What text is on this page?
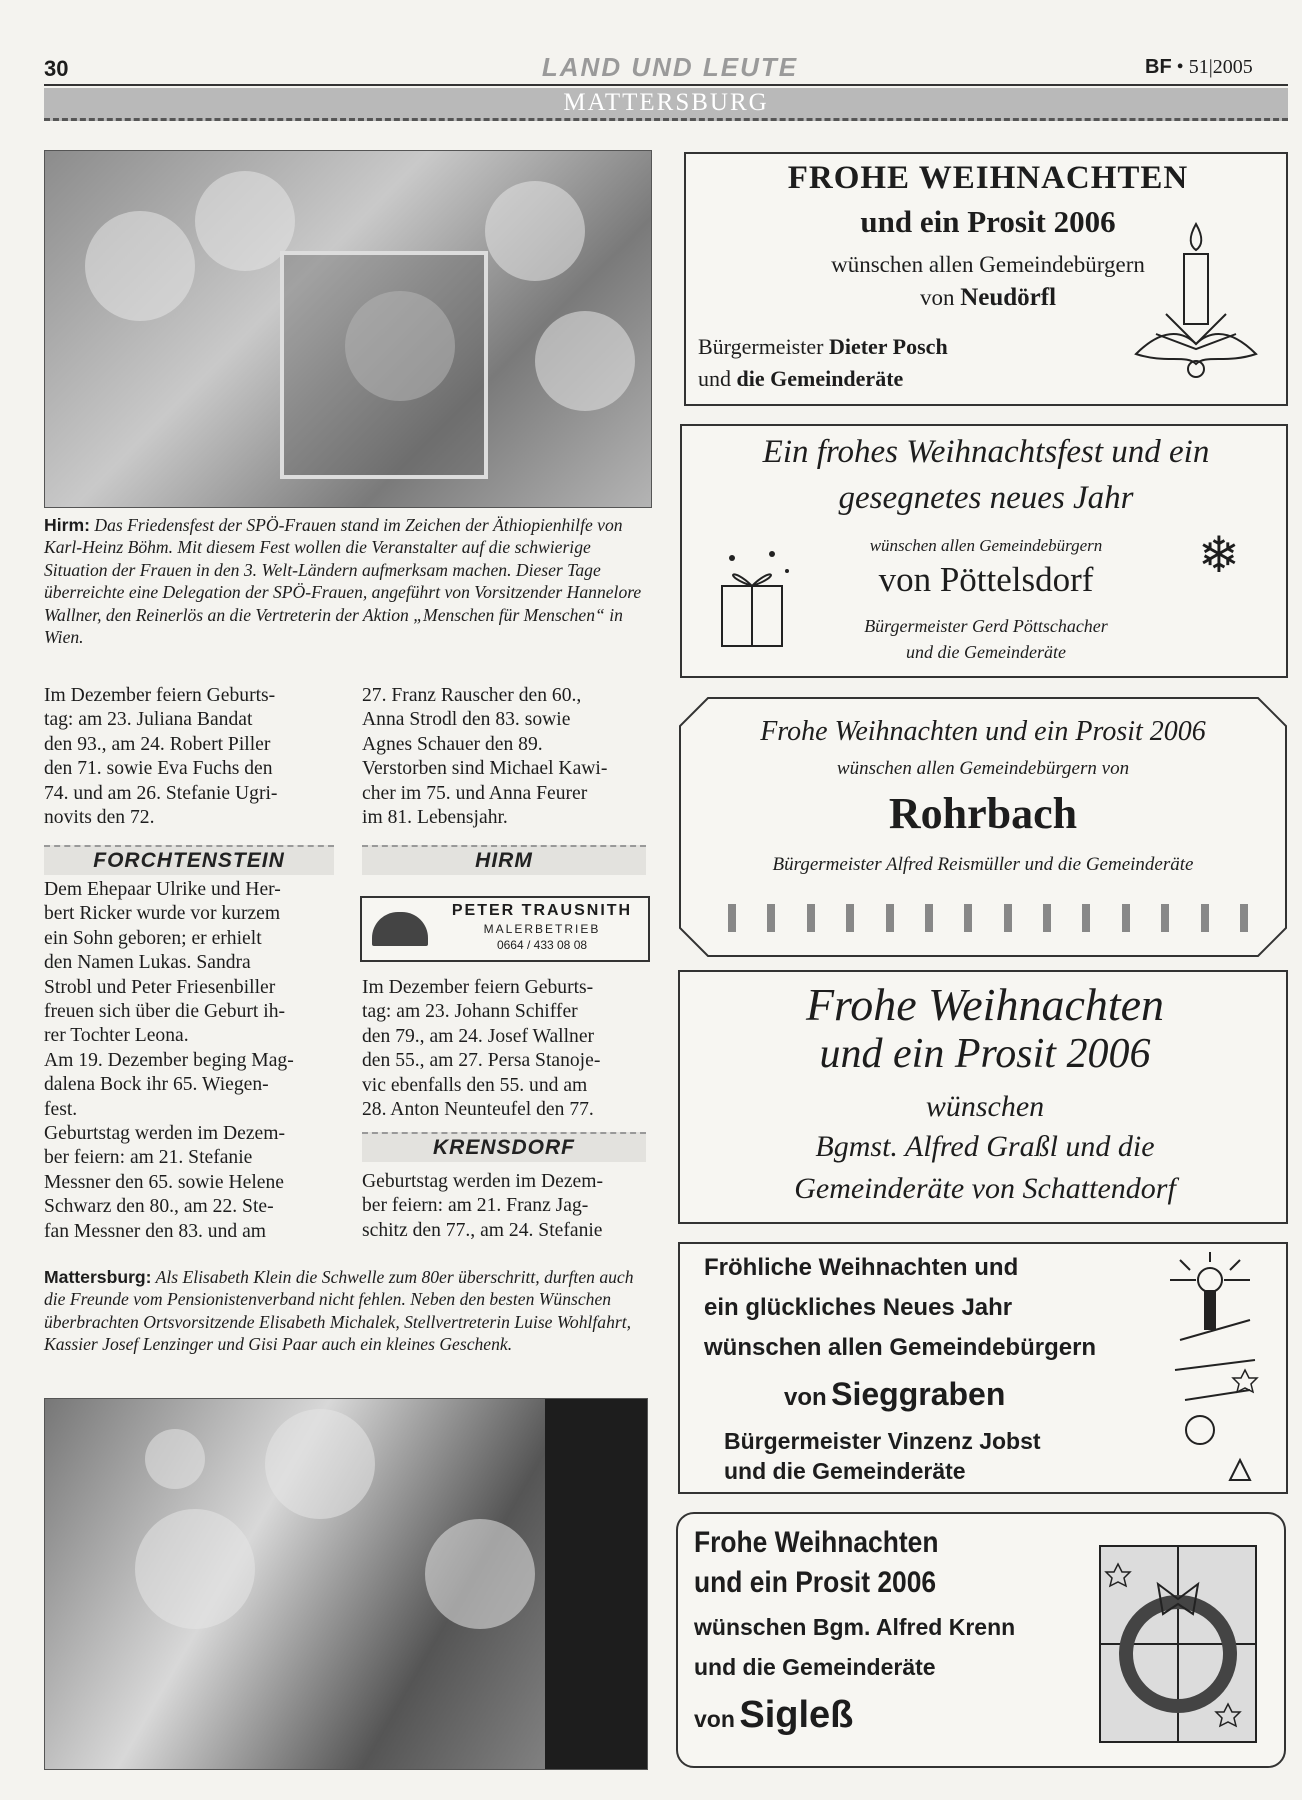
30	LAND UND LEUTE	BF • 51|2005
MATTERSBURG
Hirm: Das Friedensfest der SPÖ-Frauen stand im Zeichen der Äthiopienhilfe von Karl-Heinz Böhm. Mit diesem Fest wollen die Veranstalter auf die schwierige Situation der Frauen in den 3. Welt-Ländern aufmerksam machen. Dieser Tage überreichte eine Delegation der SPÖ-Frauen, angeführt von Vorsitzender Hannelore Wallner, den Reinerlös an die Vertreterin der Aktion „Menschen für Menschen“ in Wien.
Im Dezember feiern Geburts-
tag: am 23. Juliana Bandat
den 93., am 24. Robert Piller
den 71. sowie Eva Fuchs den
74. und am 26. Stefanie Ugri-
novits den 72.
FORCHTENSTEIN
Dem Ehepaar Ulrike und Her-
bert Ricker wurde vor kurzem
ein Sohn geboren; er erhielt
den Namen Lukas. Sandra
Strobl und Peter Friesenbiller
freuen sich über die Geburt ih-
rer Tochter Leona.
Am 19. Dezember beging Mag-
dalena Bock ihr 65. Wiegen-
fest.
Geburtstag werden im Dezem-
ber feiern: am 21. Stefanie
Messner den 65. sowie Helene
Schwarz den 80., am 22. Ste-
fan Messner den 83. und am
27. Franz Rauscher den 60.,
Anna Strodl den 83. sowie
Agnes Schauer den 89.
Verstorben sind Michael Kawi-
cher im 75. und Anna Feurer
im 81. Lebensjahr.
HIRM
PETER TRAUSNITH
MALERBETRIEB
0664 / 433 08 08
Im Dezember feiern Geburts-
tag: am 23. Johann Schiffer
den 79., am 24. Josef Wallner
den 55., am 27. Persa Stanoje-
vic ebenfalls den 55. und am
28. Anton Neunteufel den 77.
KRENSDORF
Geburtstag werden im Dezem-
ber feiern: am 21. Franz Jag-
schitz den 77., am 24. Stefanie
Mattersburg: Als Elisabeth Klein die Schwelle zum 80er überschritt, durften auch die Freunde vom Pensionistenverband nicht fehlen. Neben den besten Wünschen überbrachten Ortsvorsitzende Elisabeth Michalek, Stellvertreterin Luise Wohlfahrt, Kassier Josef Lenzinger und Gisi Paar auch ein kleines Geschenk.
FROHE WEIHNACHTEN
und ein Prosit 2006
wünschen allen Gemeindebürgern
von Neudörfl
Bürgermeister Dieter Posch
und die Gemeinderäte
Ein frohes Weihnachtsfest und ein
gesegnetes neues Jahr
wünschen allen Gemeindebürgern
von Pöttelsdorf
Bürgermeister Gerd Pöttschacher
und die Gemeinderäte
❄
Frohe Weihnachten und ein Prosit 2006
wünschen allen Gemeindebürgern von
Rohrbach
Bürgermeister Alfred Reismüller und die Gemeinderäte
Frohe Weihnachten
und ein Prosit 2006
wünschen
Bgmst. Alfred Graßl und die
Gemeinderäte von Schattendorf
Fröhliche Weihnachten und
ein glückliches Neues Jahr
wünschen allen Gemeindebürgern
von Sieggraben
Bürgermeister Vinzenz Jobst
und die Gemeinderäte
Frohe Weihnachten
und ein Prosit 2006
wünschen Bgm. Alfred Krenn
und die Gemeinderäte
von Sigleß
